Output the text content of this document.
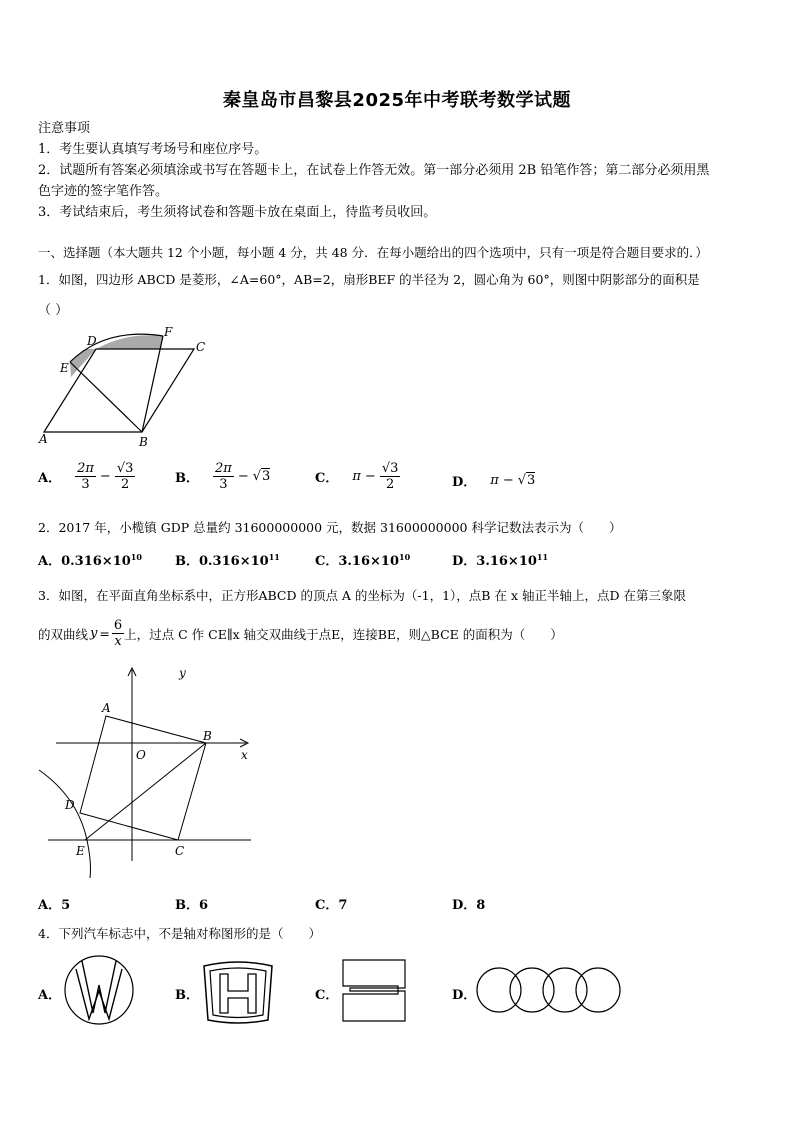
秦皇岛市昌黎县2025年中考联考数学试题
注意事项
1．考生要认真填写考场号和座位序号。
2．试题所有答案必须填涂或书写在答题卡上，在试卷上作答无效。第一部分必须用 2B 铅笔作答；第二部分必须用黑
色字迹的签字笔作答。
3．考试结束后，考生须将试卷和答题卡放在桌面上，待监考员收回。
一、选择题（本大题共 12 个小题，每小题 4 分，共 48 分．在每小题给出的四个选项中，只有一项是符合题目要求的．）
1．如图，四边形 ABCD 是菱形，∠A=60°，AB=2，扇形BEF 的半径为 2，圆心角为 60°，则图中阴影部分的面积是
（ ）
D
F
C
E
A	B
A． $\frac{2\pi}{3} - \frac{√3}{2}$	B． $\frac{2\pi}{3} - √3$	C． $\pi - \frac{√3}{2}$	D． π − √3
2．2017 年，小榄镇 GDP 总量约 31600000000 元，数据 31600000000 科学记数法表示为（　　）
A．$0.316\times 10^{10}$	B．$0.316\times 10^{11}$	C．$3.16\times 10^{10}$	D．$3.16\times 10^{11}$
3．如图，在平面直角坐标系中，正方形ABCD 的顶点 A 的坐标为（-1，1），点B 在 x 轴正半轴上，点D 在第三象限
的双曲线 $y = \frac{6}{x}$ 上，过点 C 作 CE∥x 轴交双曲线于点E，连接BE，则△BCE 的面积为（　　）
y
x
O
A
B
D
E	C
A．5	B．6	C．7	D．8
4．下列汽车标志中，不是轴对称图形的是（　　）
A．	B．	C．	D．
